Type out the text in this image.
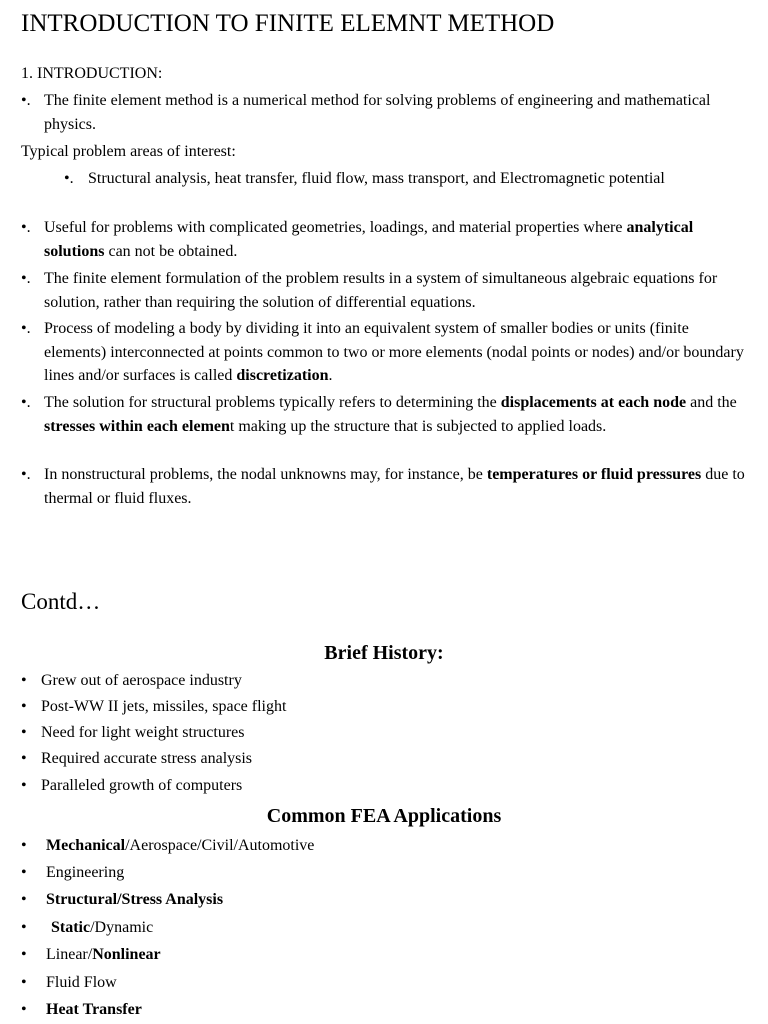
INTRODUCTION TO FINITE ELEMNT METHOD
1. INTRODUCTION:
•. The finite element method is a numerical method for solving problems of engineering and mathematical physics.
Typical problem areas of interest:
•. Structural analysis, heat transfer, fluid flow, mass transport, and Electromagnetic potential
•. Useful for problems with complicated geometries, loadings, and material properties where analytical solutions can not be obtained.
•. The finite element formulation of the problem results in a system of simultaneous algebraic equations for solution, rather than requiring the solution of differential equations.
•. Process of modeling a body by dividing it into an equivalent system of smaller bodies or units (finite elements) interconnected at points common to two or more elements (nodal points or nodes) and/or boundary lines and/or surfaces is called discretization.
•. The solution for structural problems typically refers to determining the displacements at each node and the stresses within each element making up the structure that is subjected to applied loads.
•. In nonstructural problems, the nodal unknowns may, for instance, be temperatures or fluid pressures due to thermal or fluid fluxes.
Contd…
Brief History:
• Grew out of aerospace industry
• Post-WW II jets, missiles, space flight
• Need for light weight structures
• Required accurate stress analysis
• Paralleled growth of computers
Common FEA Applications
• Mechanical/Aerospace/Civil/Automotive
• Engineering
• Structural/Stress Analysis
• Static/Dynamic
• Linear/Nonlinear
• Fluid Flow
• Heat Transfer
